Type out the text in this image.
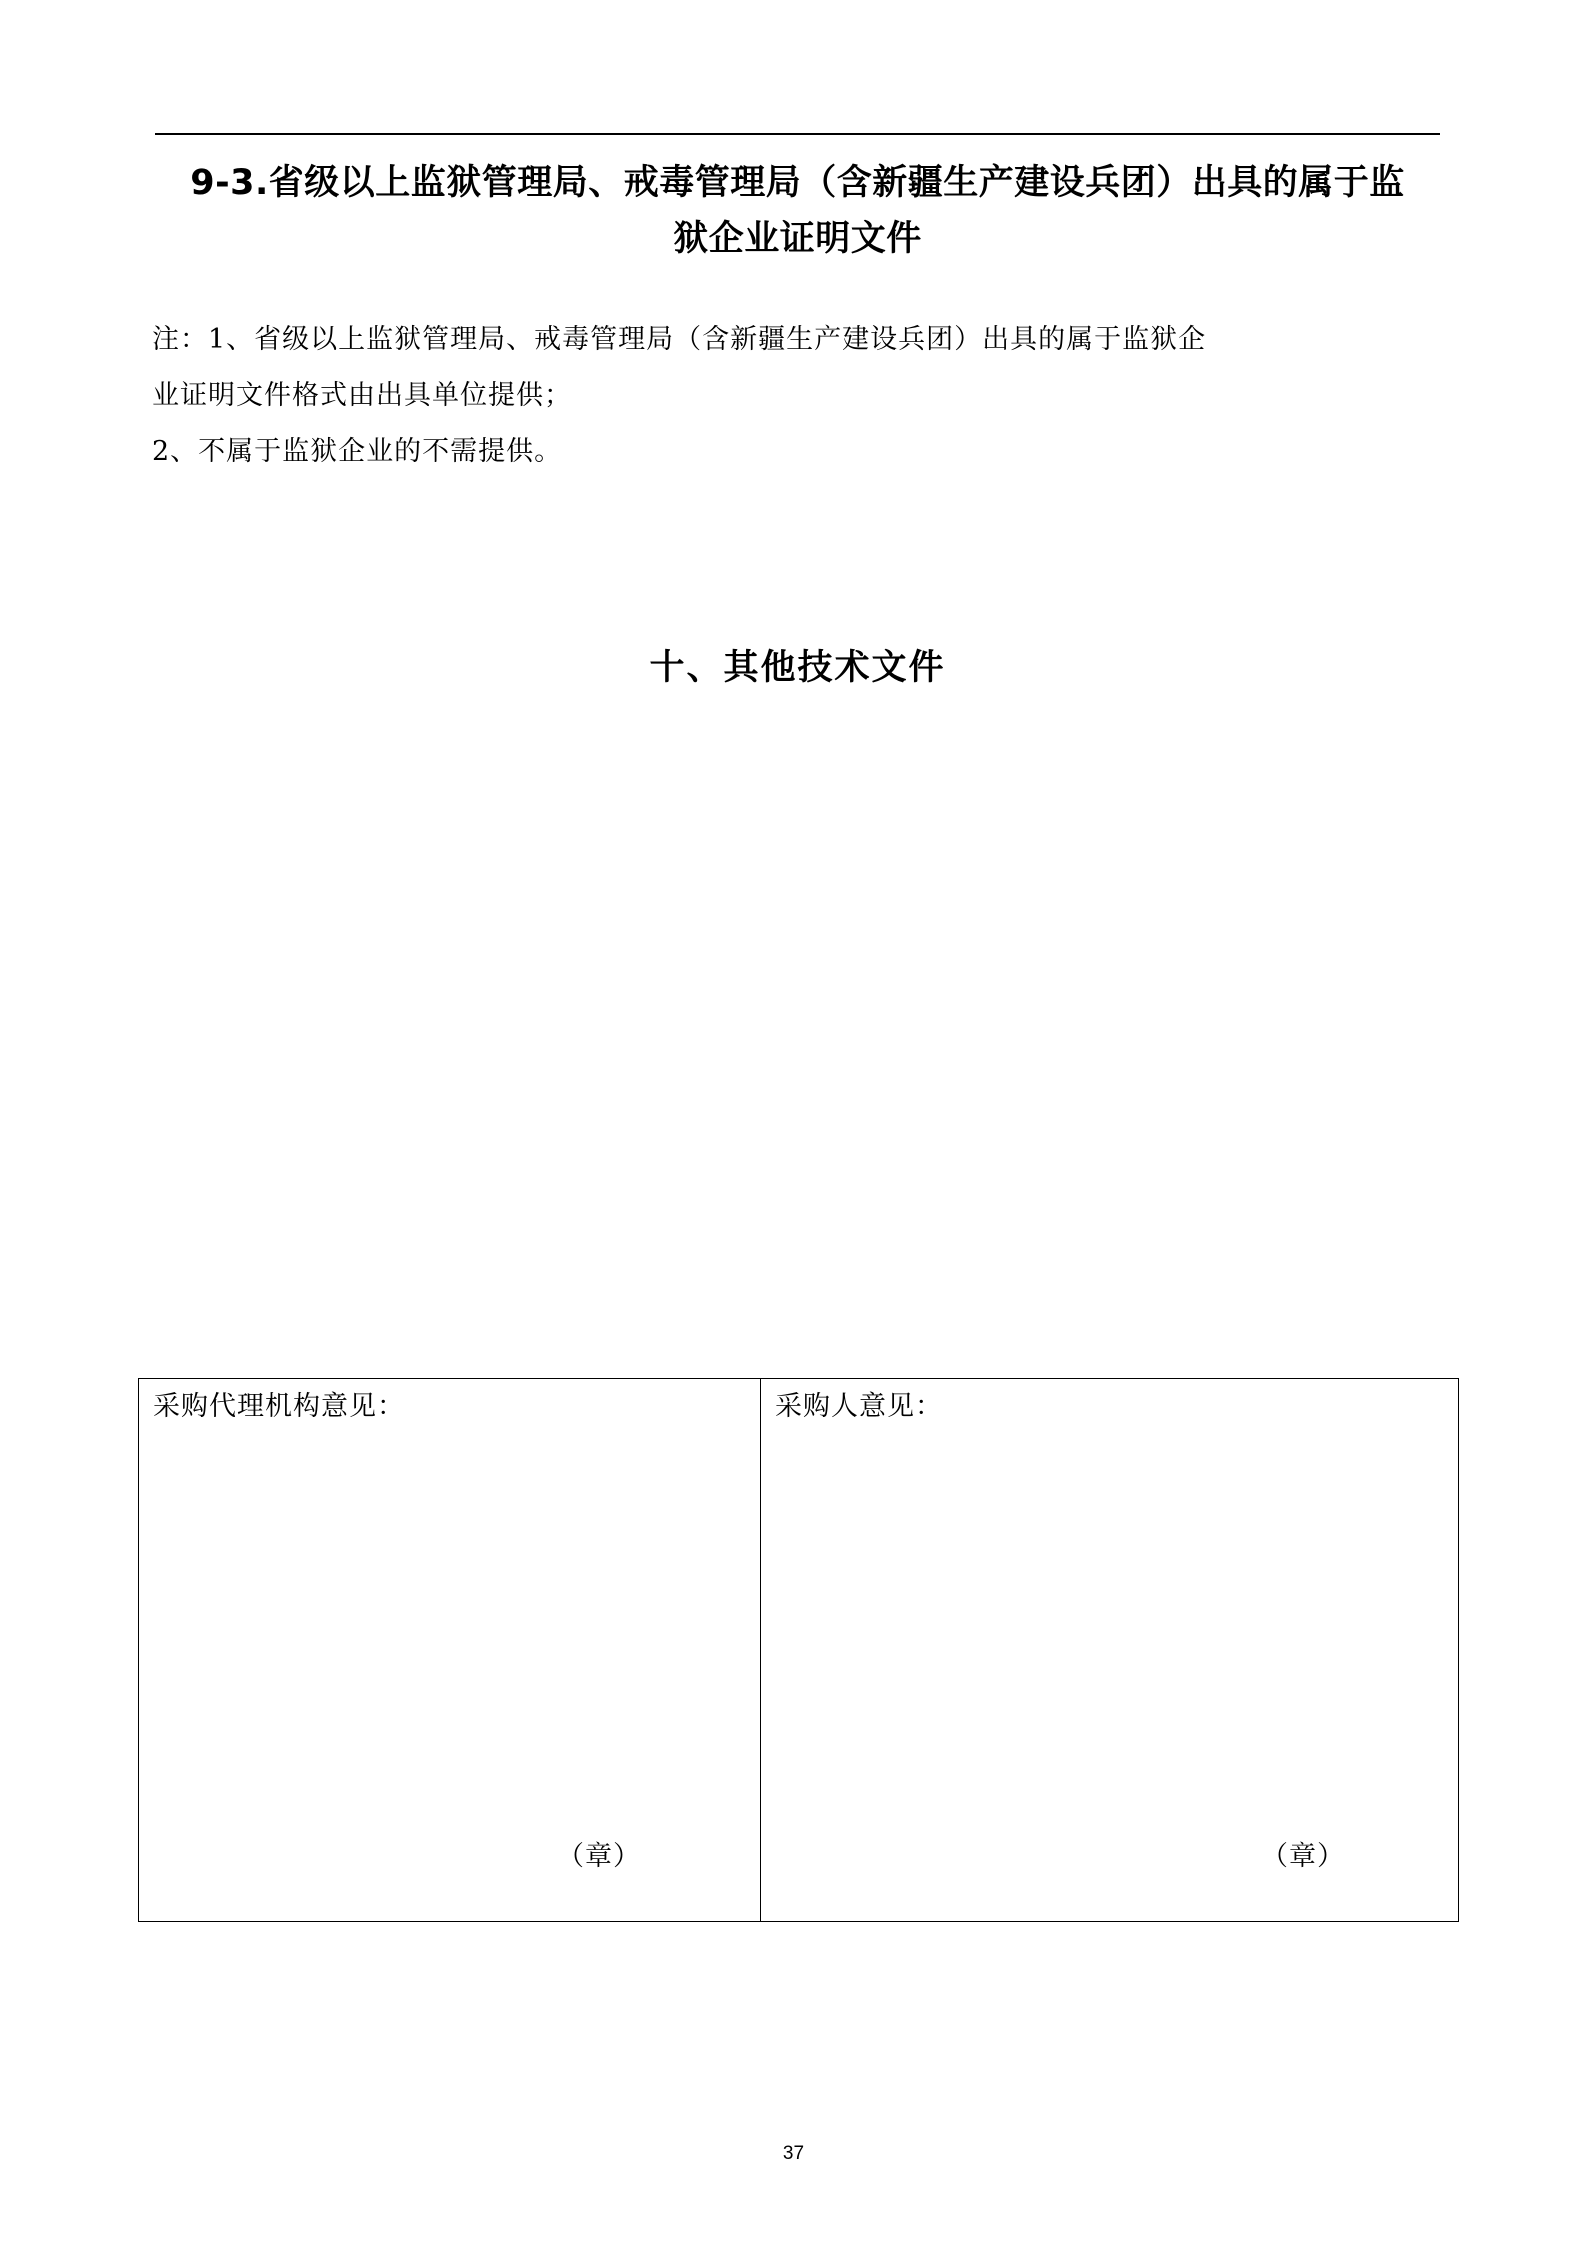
9-3.省级以上监狱管理局、戒毒管理局（含新疆生产建设兵团）出具的属于监
狱企业证明文件

注：1、省级以上监狱管理局、戒毒管理局（含新疆生产建设兵团）出具的属于监狱企

业证明文件格式由出具单位提供；

2、不属于监狱企业的不需提供。

十、其他技术文件
采购代理机构意见：
（章）

采购人意见：
（章）
37
